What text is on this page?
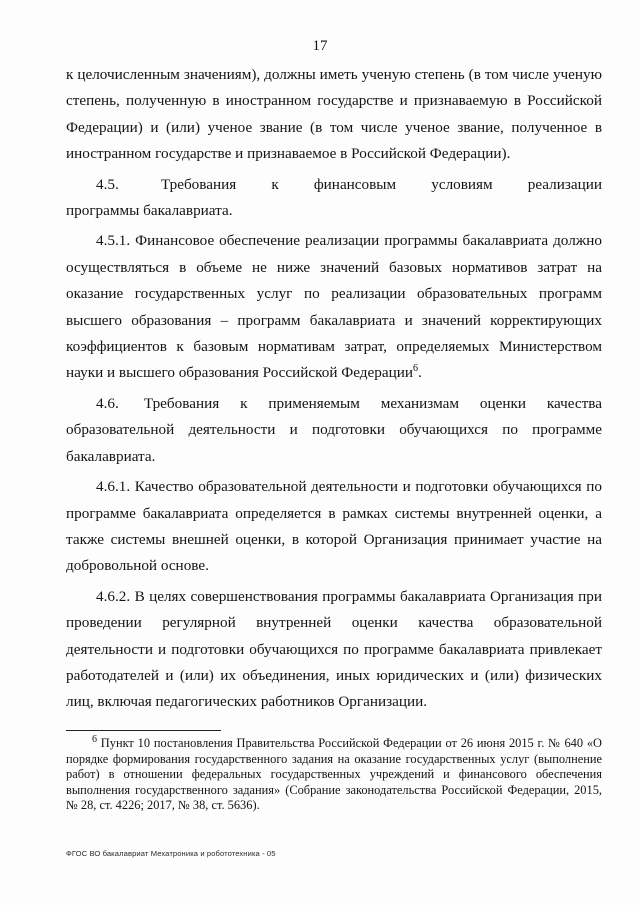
17

к целочисленным значениям), должны иметь ученую степень (в том числе ученую степень, полученную в иностранном государстве и признаваемую в Российской Федерации) и (или) ученое звание (в том числе ученое звание, полученное в иностранном государстве и признаваемое в Российской Федерации).

4.5.      Требования     к     финансовым     условиям     реализации     программы бакалавриата.

4.5.1. Финансовое обеспечение реализации программы бакалавриата должно осуществляться в объеме не ниже значений базовых нормативов затрат на оказание государственных услуг по реализации образовательных программ высшего образования – программ бакалавриата и значений корректирующих коэффициентов к базовым нормативам затрат, определяемых Министерством науки и высшего образования Российской Федерации$^6$.

4.6.      Требования     к     применяемым     механизмам     оценки     качества образовательной деятельности и подготовки обучающихся по программе бакалавриата.

4.6.1. Качество образовательной деятельности и подготовки обучающихся по программе бакалавриата определяется в рамках системы внутренней оценки, а также системы внешней оценки, в которой Организация принимает участие на добровольной основе.

4.6.2. В целях совершенствования программы бакалавриата Организация при проведении регулярной внутренней оценки качества образовательной деятельности и подготовки обучающихся по программе бакалавриата привлекает работодателей и (или) их объединения, иных юридических и (или) физических лиц, включая педагогических работников Организации.

$^6$ Пункт 10 постановления Правительства Российской Федерации от 26 июня 2015 г. № 640 «О порядке формирования государственного задания на оказание государственных услуг (выполнение работ) в отношении федеральных государственных учреждений и финансового обеспечения выполнения государственного задания» (Собрание законодательства Российской Федерации, 2015, № 28, ст. 4226; 2017, № 38, ст. 5636).

ФГОС ВО бакалавриат Мехатроника и робототехника - 05
